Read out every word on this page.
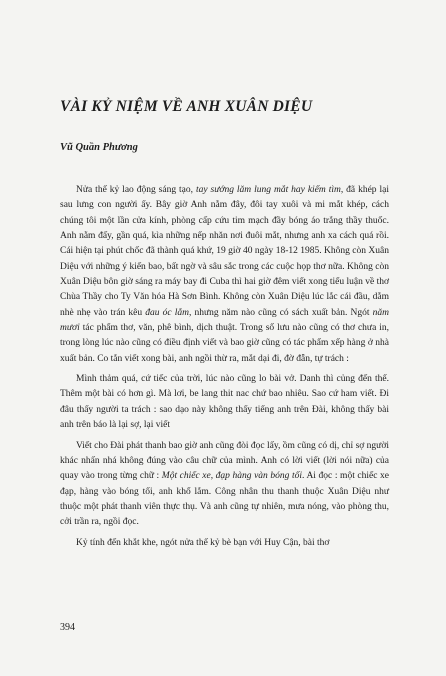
VÀI KỶ NIỆM VỀ ANH XUÂN DIỆU

Vũ Quần Phương

Nửa thế kỷ lao động sáng tạo, tay sướng lăm lung mắt hay kiếm tìm, đã khép lại sau lưng con người ấy. Bây giờ Anh nằm đây, đôi tay xuôi và mi mắt khép, cách chúng tôi một lần cửa kính, phòng cấp cứu tim mạch đầy bóng áo trắng thầy thuốc. Anh nằm đấy, gần quá, kìa những nếp nhăn nơi đuôi mắt, nhưng anh xa cách quá rồi. Cái hiện tại phút chốc đã thành quá khứ, 19 giờ 40 ngày 18-12 1985. Không còn Xuân Diệu với những ý kiến bao, bất ngờ và sâu sắc trong các cuộc họp thơ nữa. Không còn Xuân Diệu bôn giờ sáng ra máy bay đi Cuba thì hai giờ đêm viết xong tiểu luận về thơ Chùa Thầy cho Ty Văn hóa Hà Sơn Bình. Không còn Xuân Diệu lúc lắc cái đầu, dằm nhè nhẹ vào trán kêu đau óc lắm, nhưng năm nào cũng có sách xuất bản. Ngót năm mươi tác phẩm thơ, văn, phê bình, dịch thuật. Trong số lưu nào cũng có thơ chưa in, trong lòng lúc nào cũng có điều định viết và bao giờ cũng có tác phẩm xếp hàng ở nhà xuất bản. Co tắn viết xong bài, anh ngồi thừ ra, mắt dại đi, đờ đẫn, tự trách :

Mình thảm quá, cứ tiếc của trời, lúc nào cũng lo bài vở. Danh thì củng đến thế. Thêm một bài có hơn gì. Mà lơi, be lang thit nac chứ bao nhiêu. Sao cứ ham viết. Đi đâu thấy người ta trách : sao dạo này không thấy tiếng anh trên Đài, không thấy bài anh trên báo là lại sợ, lại viết

Viết cho Đài phát thanh bao giờ anh cũng đòi đọc lấy, ồm cũng có dị, chỉ sợ người khác nhấn nhá không đúng vào câu chữ của mình. Anh có lời viết (lời nói nữa) của quay vào trong từng chữ : Một chiếc xe, đạp hàng vàn bóng tối. Ai đọc : một chiếc xe đạp, hàng vào bóng tối, anh khổ lắm. Công nhân thu thanh thuộc Xuân Diệu như thuộc một phát thanh viên thực thụ. Và anh cũng tự nhiên, mưa nóng, vào phòng thu, cởi trần ra, ngồi đọc.

Kỷ tính đến khắt khe, ngót nửa thế kỷ bè bạn với Huy Cận, bài thơ

394
